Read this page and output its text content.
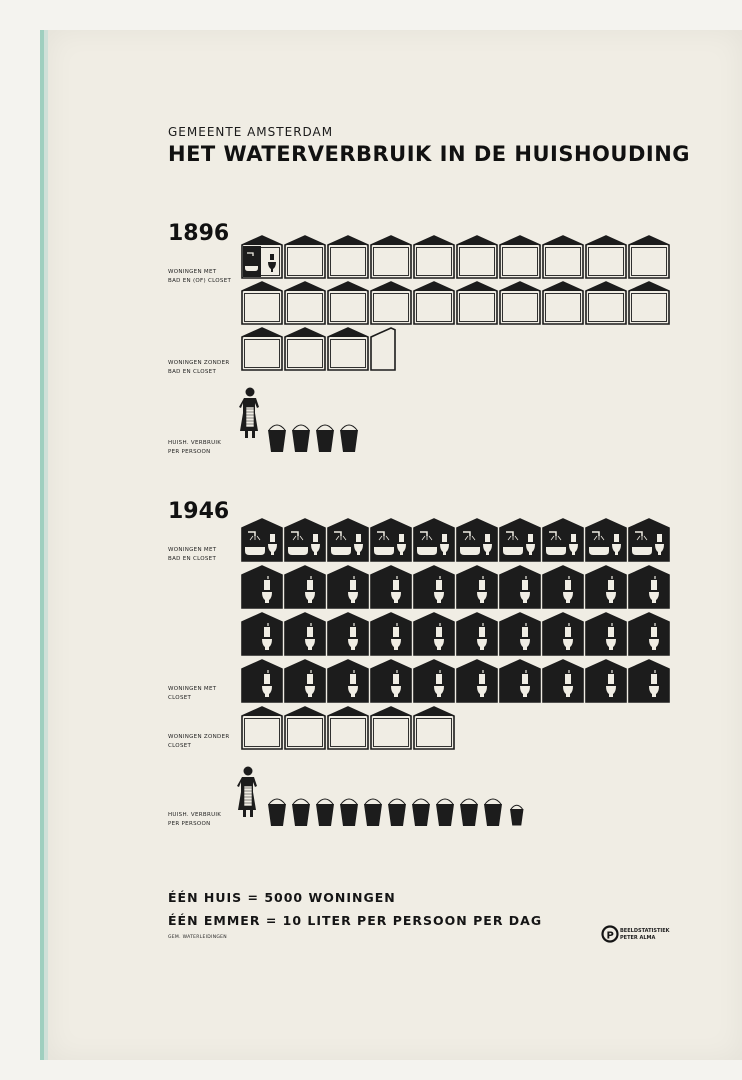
GEMEENTE AMSTERDAM
HET WATERVERBRUIK IN DE HUISHOUDING
1896
1946
WONINGEN MET
BAD EN (OF) CLOSET
WONINGEN ZONDER
BAD EN CLOSET
HUISH. VERBRUIK
PER PERSOON
WONINGEN MET
BAD EN CLOSET
WONINGEN MET
CLOSET
WONINGEN ZONDER
CLOSET
HUISH. VERBRUIK
PER PERSOON
ÉÉN HUIS = 5000 WONINGEN
ÉÉN EMMER = 10 LITER PER PERSOON PER DAG
GEM. WATERLEIDINGEN	P BEELDSTATISTIEK
PETER ALMA
